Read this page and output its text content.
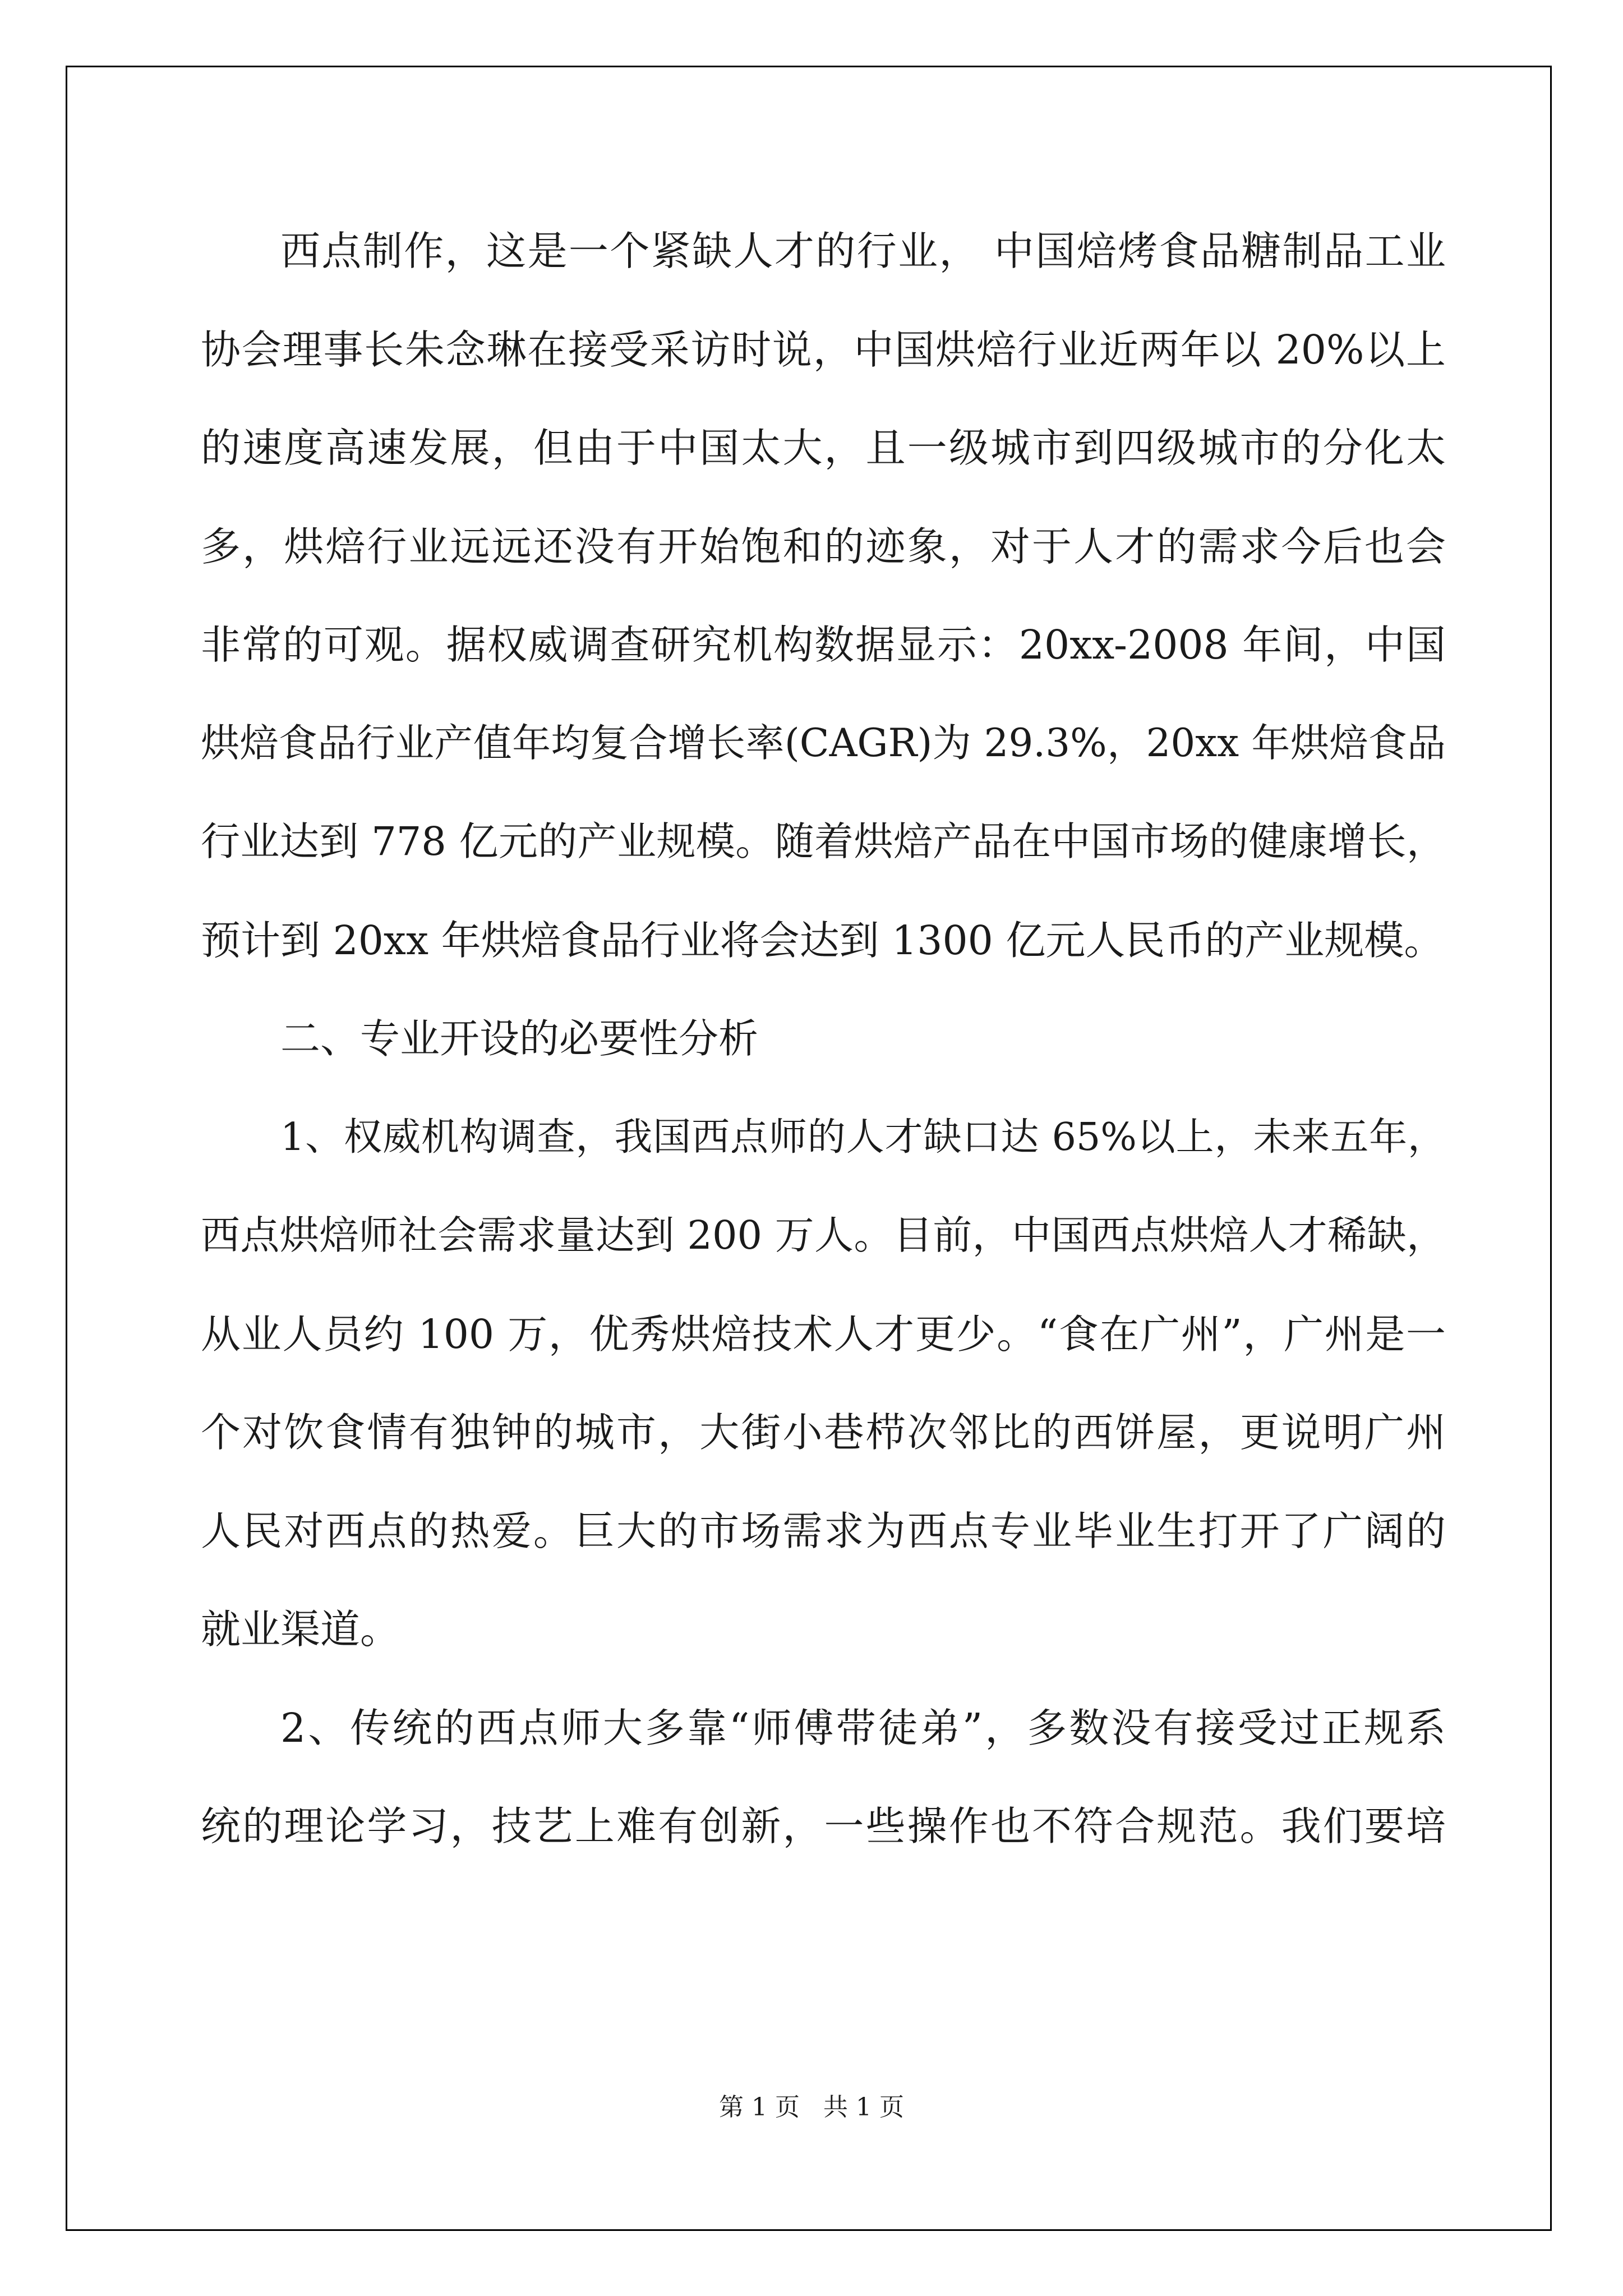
西点制作，这是一个紧缺人才的行业， 中国焙烤食品糖制品工业
协会理事长朱念琳在接受采访时说，中国烘焙行业近两年以 20%以上
的速度高速发展，但由于中国太大，且一级城市到四级城市的分化太
多，烘焙行业远远还没有开始饱和的迹象，对于人才的需求今后也会
非常的可观。据权威调查研究机构数据显示：20xx-2008 年间，中国
烘焙食品行业产值年均复合增长率(CAGR)为 29.3%，20xx 年烘焙食品
行业达到 778 亿元的产业规模。随着烘焙产品在中国市场的健康增长，
预计到 20xx 年烘焙食品行业将会达到 1300 亿元人民币的产业规模。
二、专业开设的必要性分析
1、权威机构调查，我国西点师的人才缺口达 65%以上，未来五年，
西点烘焙师社会需求量达到 200 万人。目前，中国西点烘焙人才稀缺，
从业人员约 100 万，优秀烘焙技术人才更少。“食在广州”，广州是一
个对饮食情有独钟的城市，大街小巷栉次邻比的西饼屋，更说明广州
人民对西点的热爱。巨大的市场需求为西点专业毕业生打开了广阔的
就业渠道。
2、传统的西点师大多靠“师傅带徒弟”，多数没有接受过正规系
统的理论学习，技艺上难有创新，一些操作也不符合规范。我们要培
第 1 页 共 1 页
